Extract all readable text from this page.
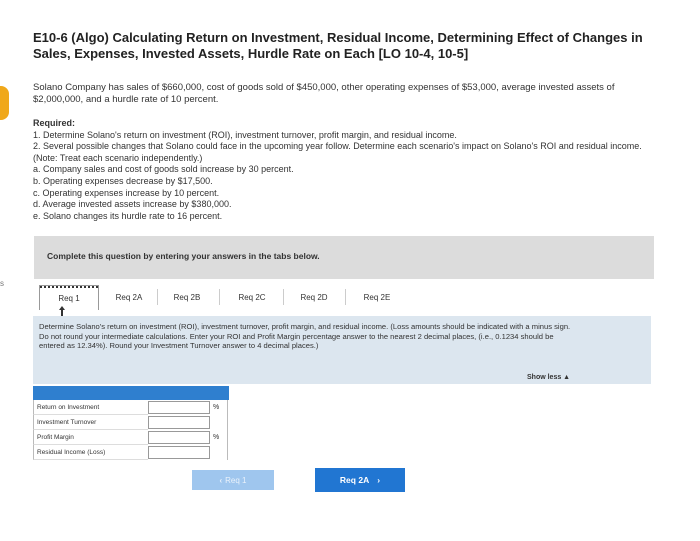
s
E10-6 (Algo) Calculating Return on Investment, Residual Income, Determining Effect of Changes in Sales, Expenses, Invested Assets, Hurdle Rate on Each [LO 10-4, 10-5]
Solano Company has sales of $660,000, cost of goods sold of $450,000, other operating expenses of $53,000, average invested assets of $2,000,000, and a hurdle rate of 10 percent.
Required:
1. Determine Solano's return on investment (ROI), investment turnover, profit margin, and residual income.
2. Several possible changes that Solano could face in the upcoming year follow. Determine each scenario's impact on Solano's ROI and residual income. (Note: Treat each scenario independently.)
a. Company sales and cost of goods sold increase by 30 percent.
b. Operating expenses decrease by $17,500.
c. Operating expenses increase by 10 percent.
d. Average invested assets increase by $380,000.
e. Solano changes its hurdle rate to 16 percent.
Complete this question by entering your answers in the tabs below.
Req 1	Req 2A	Req 2B	Req 2C	Req 2D	Req 2E
Determine Solano's return on investment (ROI), investment turnover, profit margin, and residual income. (Loss amounts should be indicated with a minus sign. Do not round your intermediate calculations. Enter your ROI and Profit Margin percentage answer to the nearest 2 decimal places, (i.e., 0.1234 should be entered as 12.34%). Round your Investment Turnover answer to 4 decimal places.)
Show less ▲
Return on Investment	%
Investment Turnover
Profit Margin	%
Residual Income (Loss)
‹ Req 1	Req 2A ›
